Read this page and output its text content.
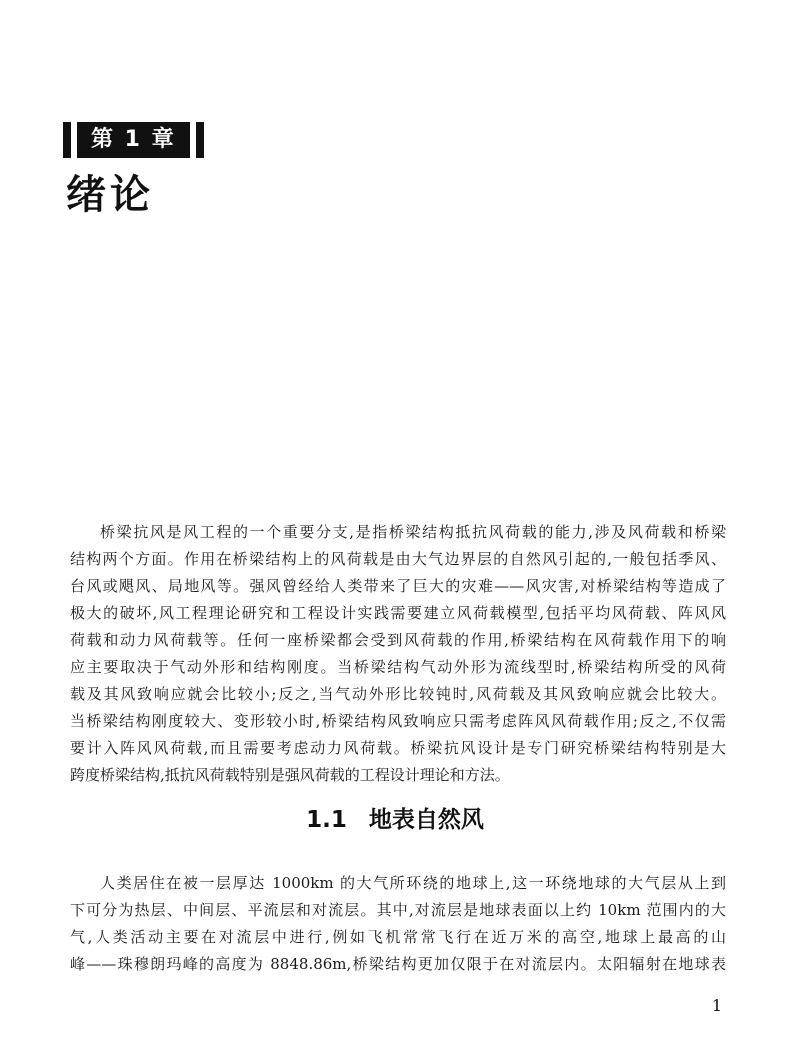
第 1 章
绪论
桥梁抗风是风工程的一个重要分支,是指桥梁结构抵抗风荷载的能力,涉及风荷载和桥梁
结构两个方面。作用在桥梁结构上的风荷载是由大气边界层的自然风引起的,一般包括季风、
台风或飓风、局地风等。强风曾经给人类带来了巨大的灾难——风灾害,对桥梁结构等造成了
极大的破坏,风工程理论研究和工程设计实践需要建立风荷载模型,包括平均风荷载、阵风风
荷载和动力风荷载等。任何一座桥梁都会受到风荷载的作用,桥梁结构在风荷载作用下的响
应主要取决于气动外形和结构刚度。当桥梁结构气动外形为流线型时,桥梁结构所受的风荷
载及其风致响应就会比较小;反之,当气动外形比较钝时,风荷载及其风致响应就会比较大。
当桥梁结构刚度较大、变形较小时,桥梁结构风致响应只需考虑阵风风荷载作用;反之,不仅需
要计入阵风风荷载,而且需要考虑动力风荷载。桥梁抗风设计是专门研究桥梁结构特别是大
跨度桥梁结构,抵抗风荷载特别是强风荷载的工程设计理论和方法。
1.1 地表自然风
人类居住在被一层厚达 1000km 的大气所环绕的地球上,这一环绕地球的大气层从上到
下可分为热层、中间层、平流层和对流层。其中,对流层是地球表面以上约 10km 范围内的大
气,人类活动主要在对流层中进行,例如飞机常常飞行在近万米的高空,地球上最高的山
峰——珠穆朗玛峰的高度为 8848.86m,桥梁结构更加仅限于在对流层内。太阳辐射在地球表
1
